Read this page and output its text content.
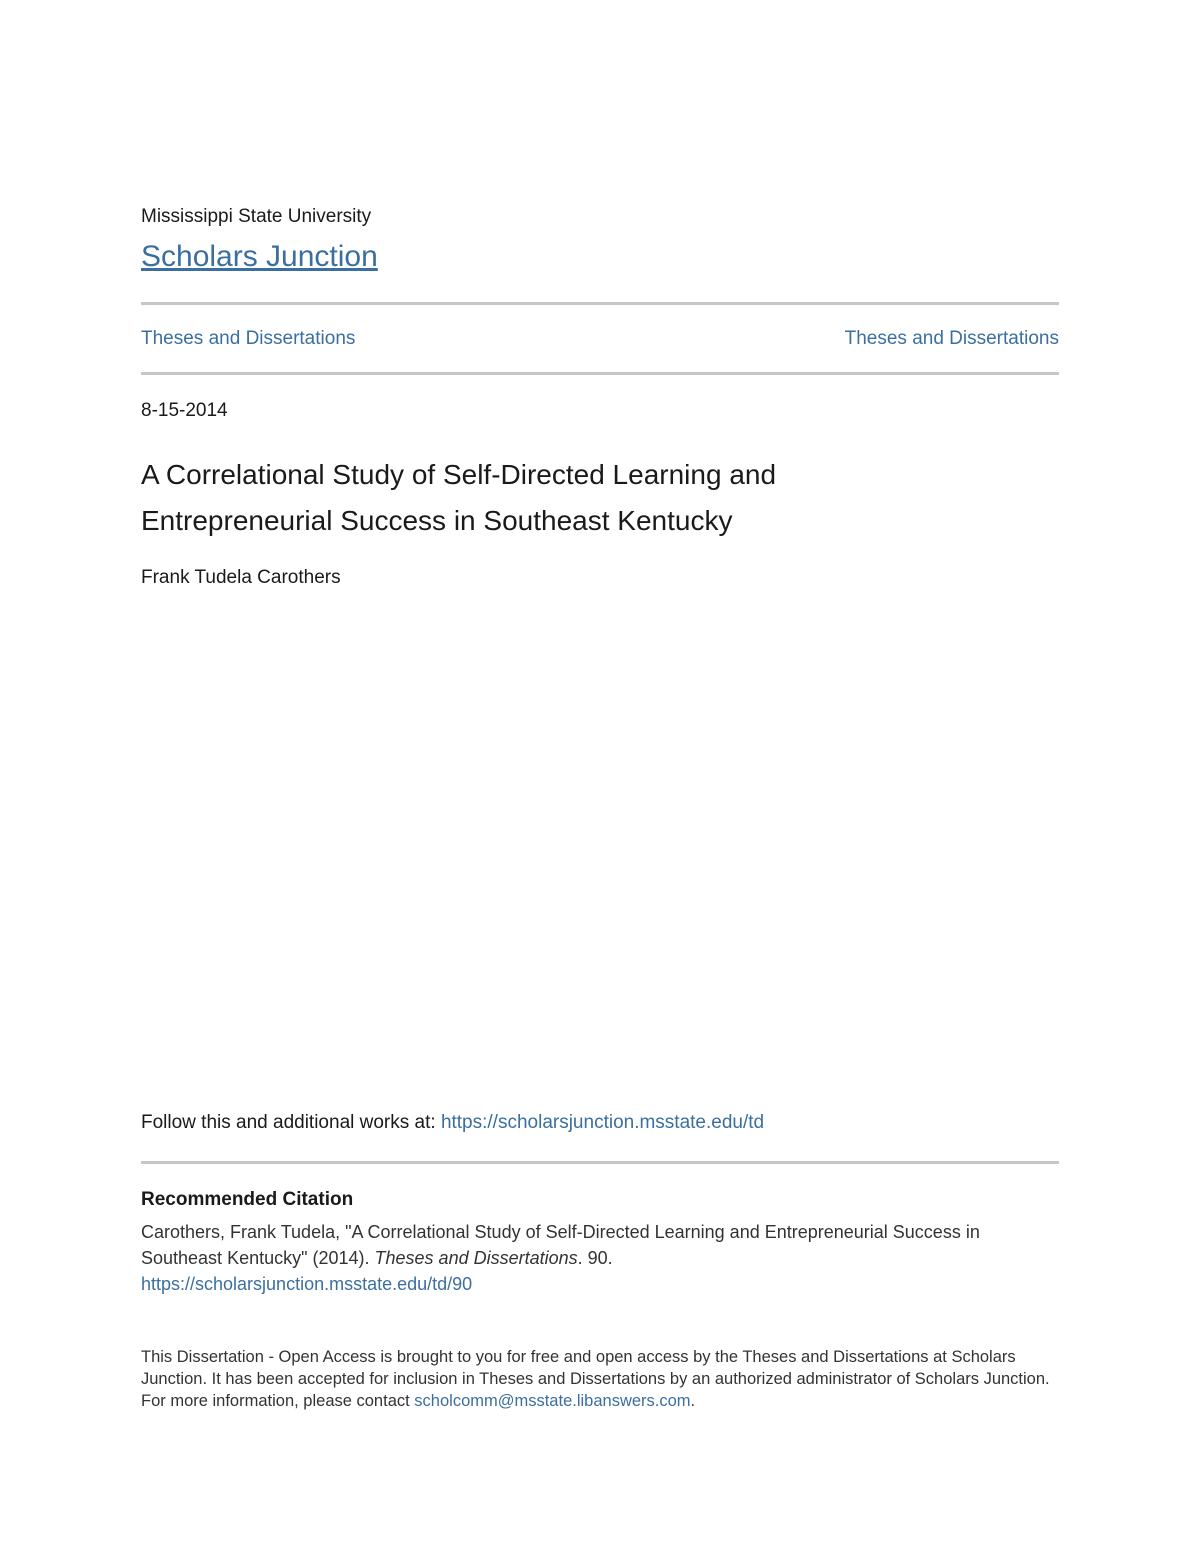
Mississippi State University
Scholars Junction
Theses and Dissertations	Theses and Dissertations
8-15-2014
A Correlational Study of Self-Directed Learning and
Entrepreneurial Success in Southeast Kentucky
Frank Tudela Carothers
Follow this and additional works at: https://scholarsjunction.msstate.edu/td
Recommended Citation
Carothers, Frank Tudela, "A Correlational Study of Self-Directed Learning and Entrepreneurial Success in Southeast Kentucky" (2014). Theses and Dissertations. 90.
https://scholarsjunction.msstate.edu/td/90
This Dissertation - Open Access is brought to you for free and open access by the Theses and Dissertations at Scholars Junction. It has been accepted for inclusion in Theses and Dissertations by an authorized administrator of Scholars Junction. For more information, please contact scholcomm@msstate.libanswers.com.
